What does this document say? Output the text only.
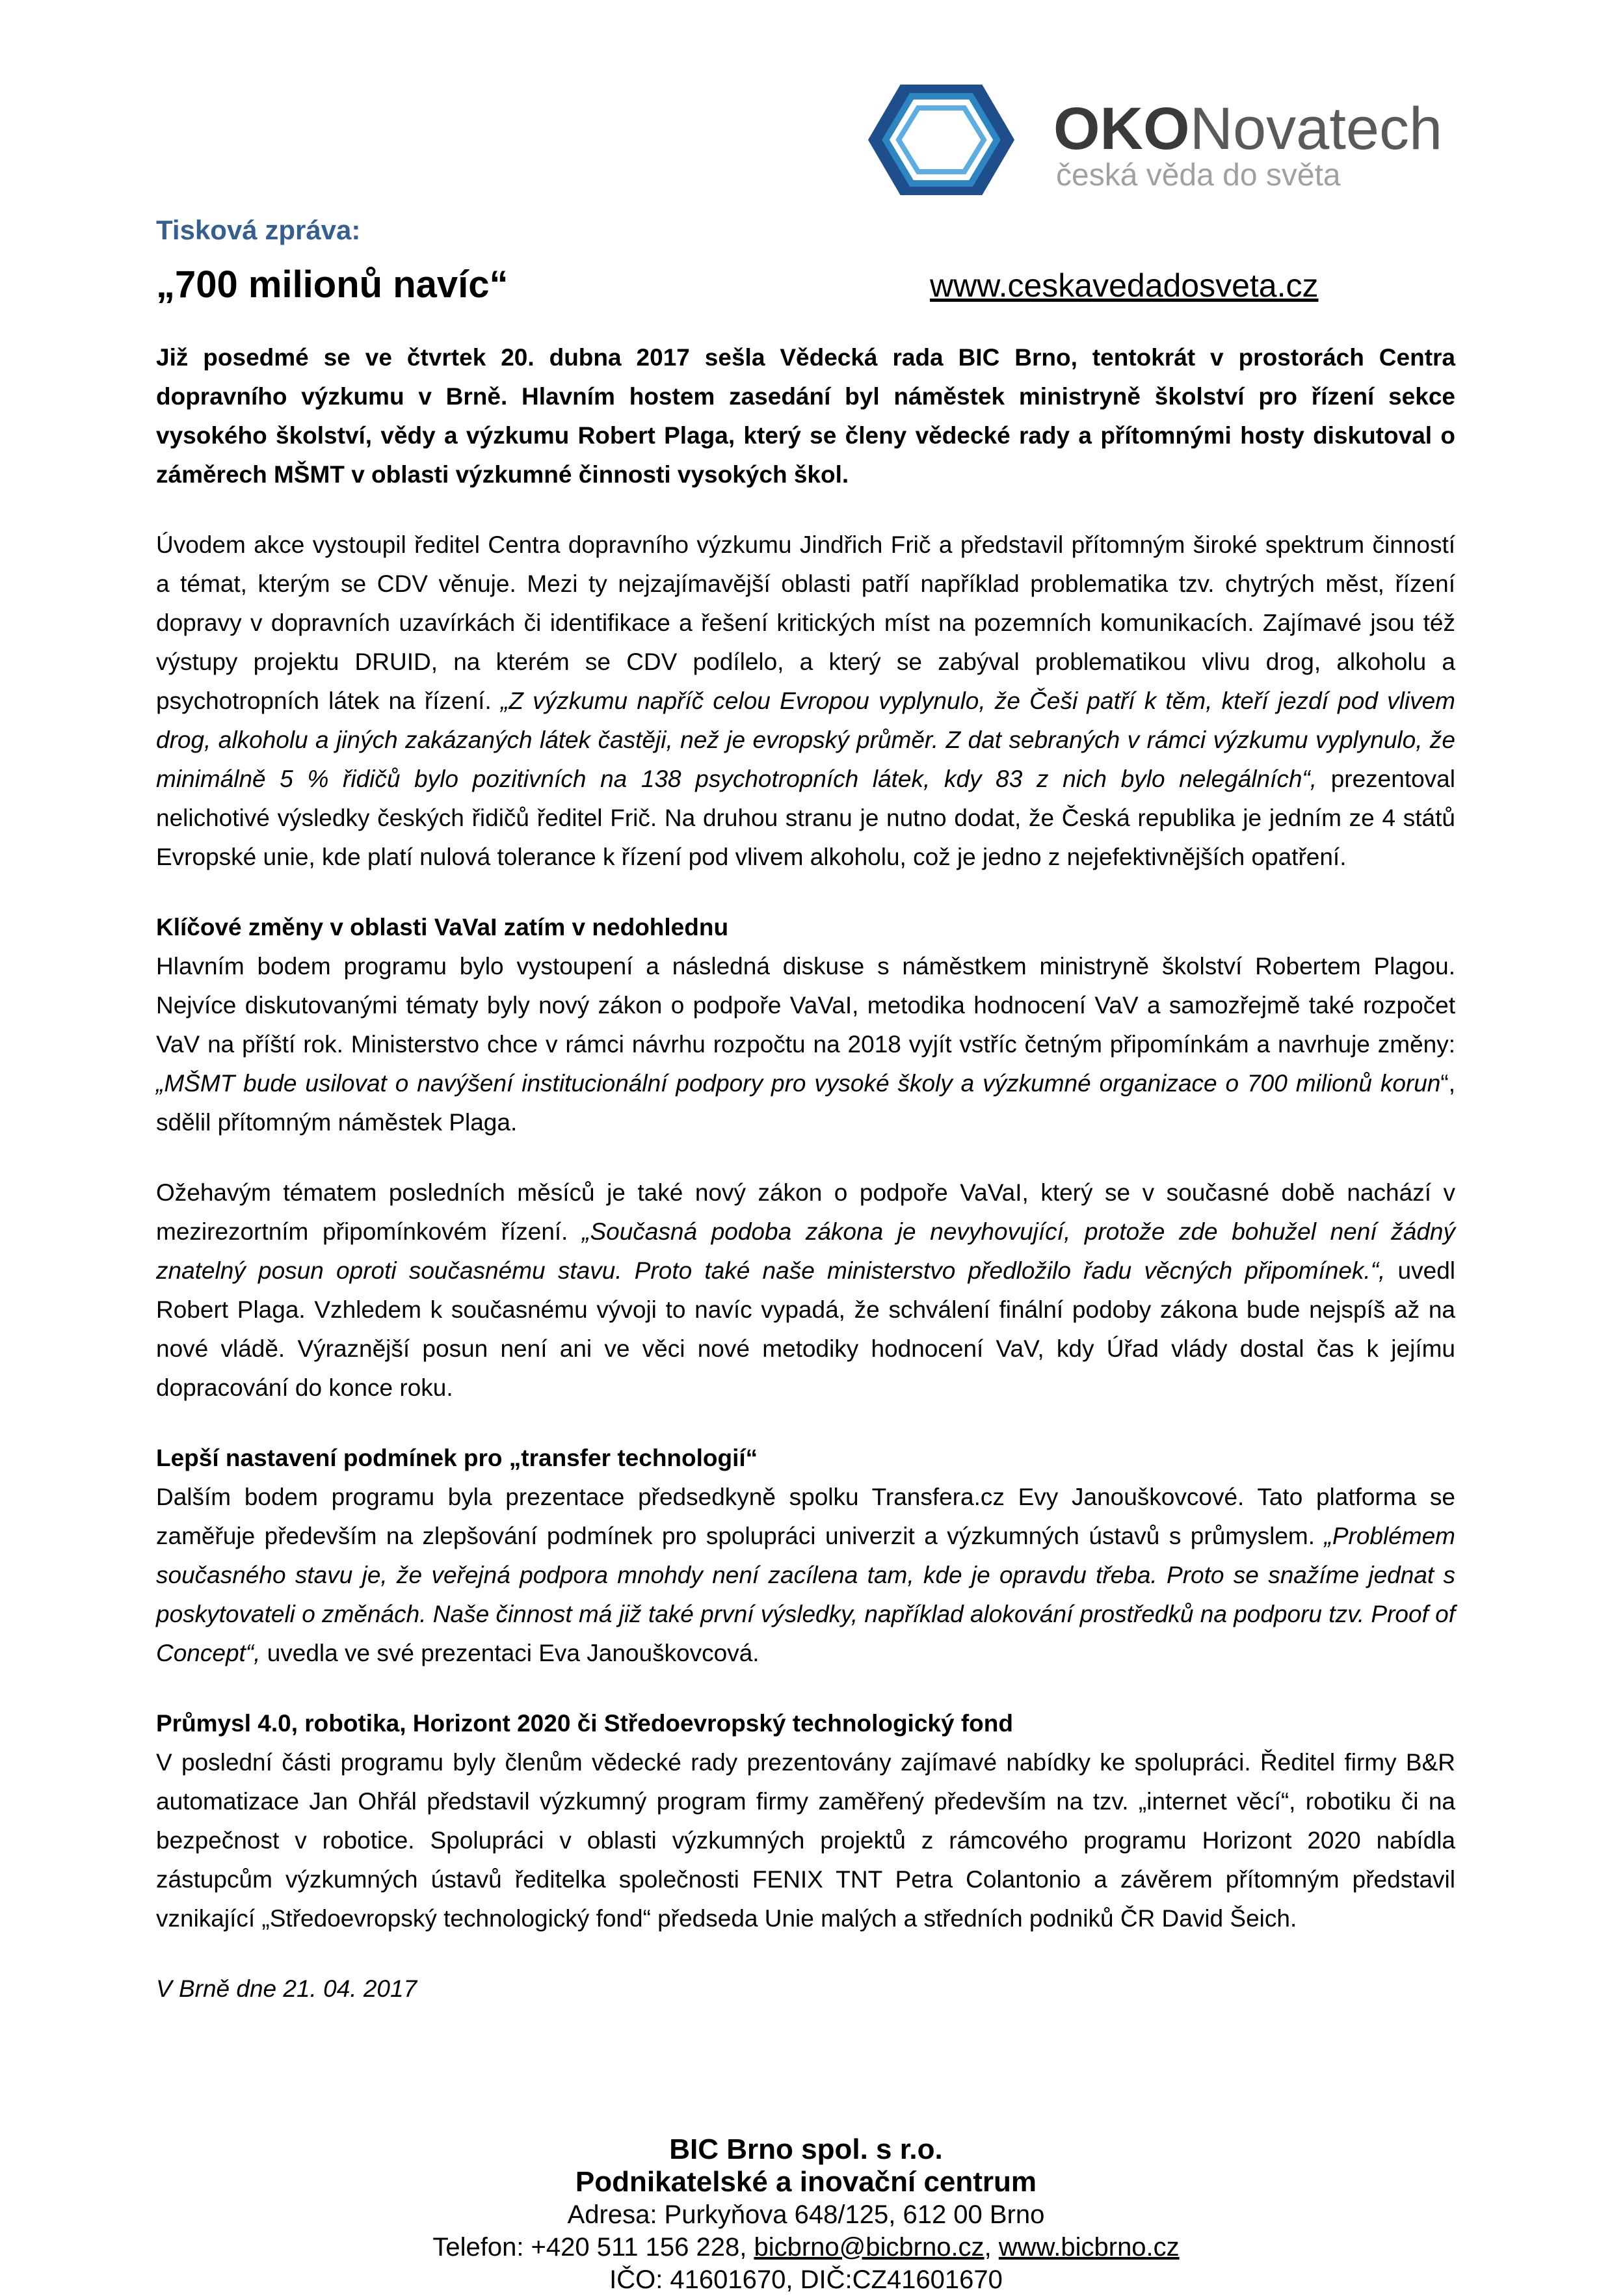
OKONovatech
česká věda do světa
Tisková zpráva:
„700 milionů navíc“	www.ceskavedadosveta.cz

Již posedmé se ve čtvrtek 20. dubna 2017 sešla Vědecká rada BIC Brno, tentokrát v prostorách Centra dopravního výzkumu v Brně. Hlavním hostem zasedání byl náměstek ministryně školství pro řízení sekce vysokého školství, vědy a výzkumu Robert Plaga, který se členy vědecké rady a přítomnými hosty diskutoval o záměrech MŠMT v oblasti výzkumné činnosti vysokých škol.

Úvodem akce vystoupil ředitel Centra dopravního výzkumu Jindřich Frič a představil přítomným široké spektrum činností a témat, kterým se CDV věnuje. Mezi ty nejzajímavější oblasti patří například problematika tzv. chytrých měst, řízení dopravy v dopravních uzavírkách či identifikace a řešení kritických míst na pozemních komunikacích. Zajímavé jsou též výstupy projektu DRUID, na kterém se CDV podílelo, a který se zabýval problematikou vlivu drog, alkoholu a psychotropních látek na řízení. „Z výzkumu napříč celou Evropou vyplynulo, že Češi patří k těm, kteří jezdí pod vlivem drog, alkoholu a jiných zakázaných látek častěji, než je evropský průměr. Z dat sebraných v rámci výzkumu vyplynulo, že minimálně 5 % řidičů bylo pozitivních na 138 psychotropních látek, kdy 83 z nich bylo nelegálních“, prezentoval nelichotivé výsledky českých řidičů ředitel Frič. Na druhou stranu je nutno dodat, že Česká republika je jedním ze 4 států Evropské unie, kde platí nulová tolerance k řízení pod vlivem alkoholu, což je jedno z nejefektivnějších opatření.

Klíčové změny v oblasti VaVaI zatím v nedohlednu

Hlavním bodem programu bylo vystoupení a následná diskuse s náměstkem ministryně školství Robertem Plagou. Nejvíce diskutovanými tématy byly nový zákon o podpoře VaVaI, metodika hodnocení VaV a samozřejmě také rozpočet VaV na příští rok. Ministerstvo chce v rámci návrhu rozpočtu na 2018 vyjít vstříc četným připomínkám a navrhuje změny: „MŠMT bude usilovat o navýšení institucionální podpory pro vysoké školy a výzkumné organizace o 700 milionů korun“, sdělil přítomným náměstek Plaga.

Ožehavým tématem posledních měsíců je také nový zákon o podpoře VaVaI, který se v současné době nachází v mezirezortním připomínkovém řízení. „Současná podoba zákona je nevyhovující, protože zde bohužel není žádný znatelný posun oproti současnému stavu. Proto také naše ministerstvo předložilo řadu věcných připomínek.“, uvedl Robert Plaga. Vzhledem k současnému vývoji to navíc vypadá, že schválení finální podoby zákona bude nejspíš až na nové vládě. Výraznější posun není ani ve věci nové metodiky hodnocení VaV, kdy Úřad vlády dostal čas k jejímu dopracování do konce roku.

Lepší nastavení podmínek pro „transfer technologií“

Dalším bodem programu byla prezentace předsedkyně spolku Transfera.cz Evy Janouškovcové. Tato platforma se zaměřuje především na zlepšování podmínek pro spolupráci univerzit a výzkumných ústavů s průmyslem. „Problémem současného stavu je, že veřejná podpora mnohdy není zacílena tam, kde je opravdu třeba. Proto se snažíme jednat s poskytovateli o změnách. Naše činnost má již také první výsledky, například alokování prostředků na podporu tzv. Proof of Concept“, uvedla ve své prezentaci Eva Janouškovcová.

Průmysl 4.0, robotika, Horizont 2020 či Středoevropský technologický fond

V poslední části programu byly členům vědecké rady prezentovány zajímavé nabídky ke spolupráci. Ředitel firmy B&R automatizace Jan Ohřál představil výzkumný program firmy zaměřený především na tzv. „internet věcí“, robotiku či na bezpečnost v robotice. Spolupráci v oblasti výzkumných projektů z rámcového programu Horizont 2020 nabídla zástupcům výzkumných ústavů ředitelka společnosti FENIX TNT Petra Colantonio a závěrem přítomným představil vznikající „Středoevropský technologický fond“ předseda Unie malých a středních podniků ČR David Šeich.

V Brně dne 21. 04. 2017

BIC Brno spol. s r.o.
Podnikatelské a inovační centrum
Adresa: Purkyňova 648/125, 612 00 Brno
Telefon: +420 511 156 228, bicbrno@bicbrno.cz, www.bicbrno.cz
IČO: 41601670, DIČ:CZ41601670
